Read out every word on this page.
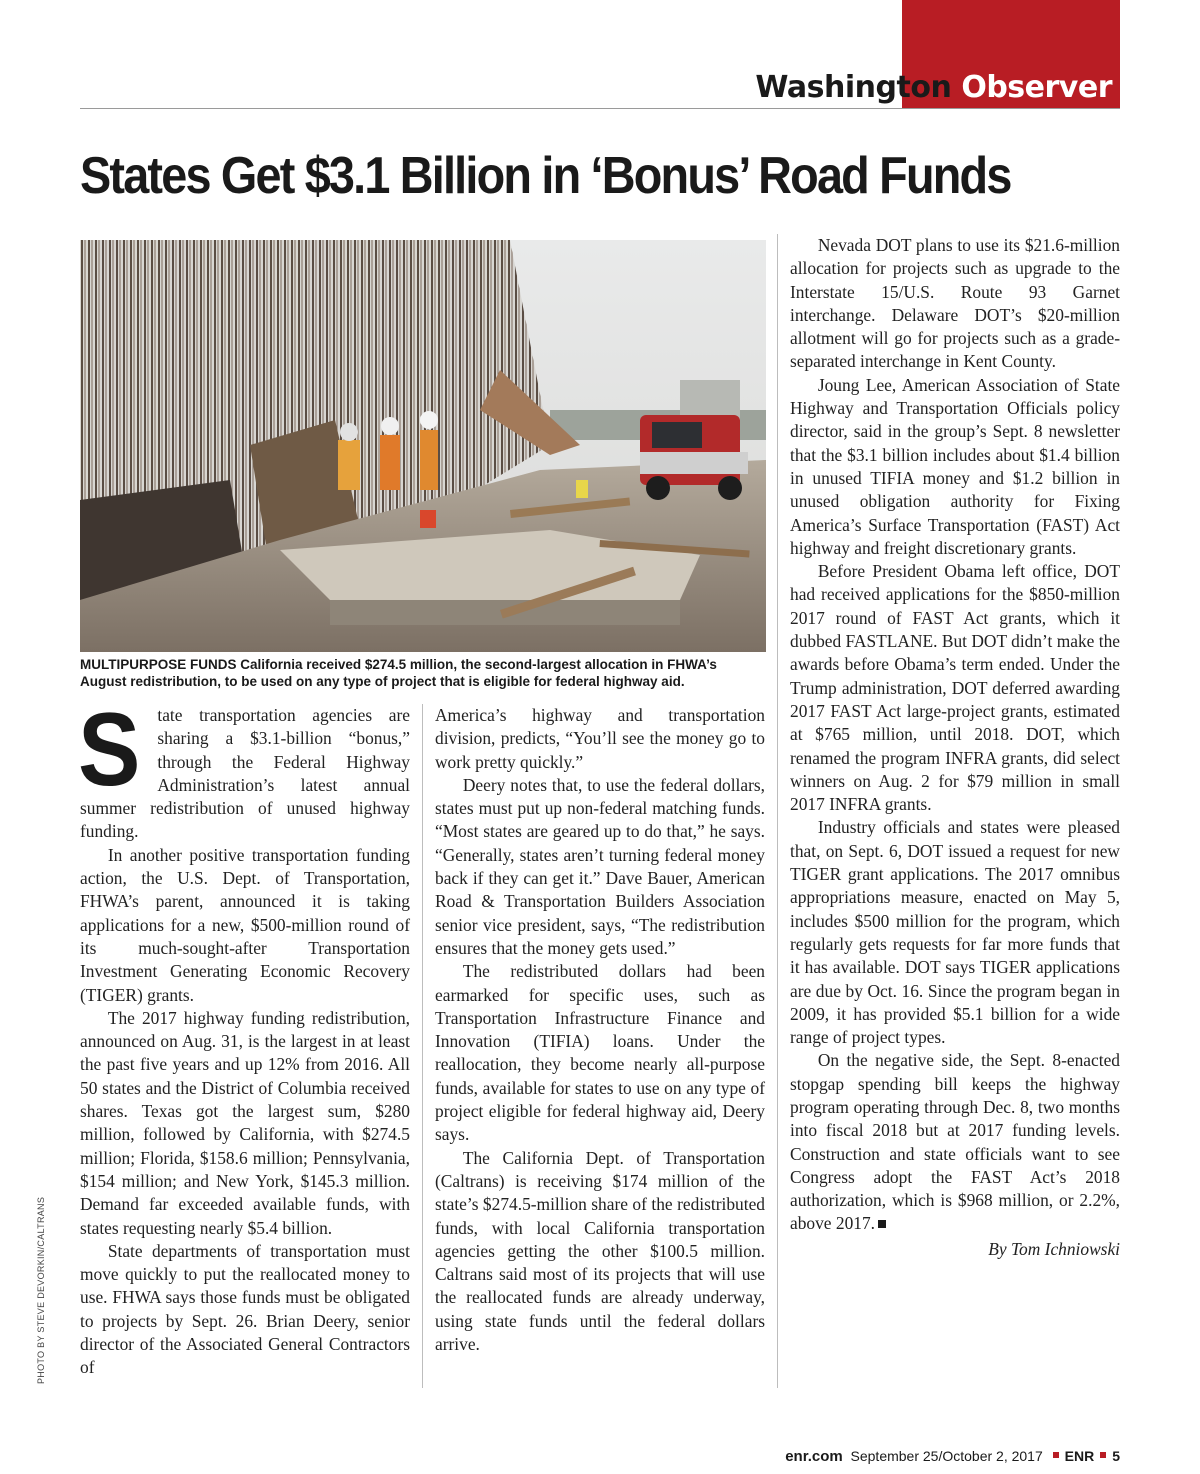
Washington Observer
States Get $3.1 Billion in ‘Bonus’ Road Funds
MULTIPURPOSE FUNDS California received $274.5 million, the second-largest allocation in FHWA’s August redistribution, to be used on any type of project that is eligible for federal highway aid.

State transportation agencies are sharing a $3.1-billion “bonus,” through the Federal Highway Administration’s latest annual summer redistribution of unused highway funding.

In another positive transportation funding action, the U.S. Dept. of Transportation, FHWA’s parent, announced it is taking applications for a new, $500-million round of its much-sought-after Transportation Investment Generating Economic Recovery (TIGER) grants.

The 2017 highway funding redistribution, announced on Aug. 31, is the largest in at least the past five years and up 12% from 2016. All 50 states and the District of Columbia received shares. Texas got the largest sum, $280 million, followed by California, with $274.5 million; Florida, $158.6 million; Pennsylvania, $154 million; and New York, $145.3 million. Demand far exceeded available funds, with states requesting nearly $5.4 billion.

State departments of transportation must move quickly to put the reallocated money to use. FHWA says those funds must be obligated to projects by Sept. 26. Brian Deery, senior director of the Associated General Contractors of

America’s highway and transportation division, predicts, “You’ll see the money go to work pretty quickly.”

Deery notes that, to use the federal dollars, states must put up non-federal matching funds. “Most states are geared up to do that,” he says. “Generally, states aren’t turning federal money back if they can get it.” Dave Bauer, American Road & Transportation Builders Association senior vice president, says, “The redistribution ensures that the money gets used.”

The redistributed dollars had been earmarked for specific uses, such as Transportation Infrastructure Finance and Innovation (TIFIA) loans. Under the reallocation, they become nearly all-purpose funds, available for states to use on any type of project eligible for federal highway aid, Deery says.

The California Dept. of Transportation (Caltrans) is receiving $174 million of the state’s $274.5-million share of the redistributed funds, with local California transportation agencies getting the other $100.5 million. Caltrans said most of its projects that will use the reallocated funds are already underway, using state funds until the federal dollars arrive.

Nevada DOT plans to use its $21.6-million allocation for projects such as upgrade to the Interstate 15/U.S. Route 93 Garnet interchange. Delaware DOT’s $20-million allotment will go for projects such as a grade-separated interchange in Kent County.

Joung Lee, American Association of State Highway and Transportation Officials policy director, said in the group’s Sept. 8 newsletter that the $3.1 billion includes about $1.4 billion in unused TIFIA money and $1.2 billion in unused obligation authority for Fixing America’s Surface Transportation (FAST) Act highway and freight discretionary grants.

Before President Obama left office, DOT had received applications for the $850-million 2017 round of FAST Act grants, which it dubbed FASTLANE. But DOT didn’t make the awards before Obama’s term ended. Under the Trump administration, DOT deferred awarding 2017 FAST Act large-project grants, estimated at $765 million, until 2018. DOT, which renamed the program INFRA grants, did select winners on Aug. 2 for $79 million in small 2017 INFRA grants.

Industry officials and states were pleased that, on Sept. 6, DOT issued a request for new TIGER grant applications. The 2017 omnibus appropriations measure, enacted on May 5, includes $500 million for the program, which regularly gets requests for far more funds that it has available. DOT says TIGER applications are due by Oct. 16. Since the program began in 2009, it has provided $5.1 billion for a wide range of project types.

On the negative side, the Sept. 8-enacted stopgap spending bill keeps the highway program operating through Dec. 8, two months into fiscal 2018 but at 2017 funding levels. Construction and state officials want to see Congress adopt the FAST Act’s 2018 authorization, which is $968 million, or 2.2%, above 2017.

By Tom Ichniowski

PHOTO BY STEVE DEVORKIN/CALTRANS
enr.com September 25/October 2, 2017 ENR 5
